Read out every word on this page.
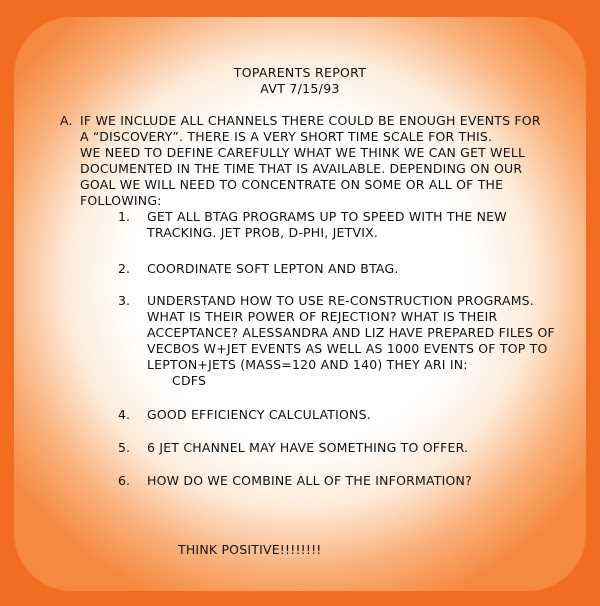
TOPARENTS REPORT
AVT 7/15/93
A. IF WE INCLUDE ALL CHANNELS THERE COULD BE ENOUGH EVENTS FOR
A “DISCOVERY”. THERE IS A VERY SHORT TIME SCALE FOR THIS.
WE NEED TO DEFINE CAREFULLY WHAT WE THINK WE CAN GET WELL
DOCUMENTED IN THE TIME THAT IS AVAILABLE. DEPENDING ON OUR
GOAL WE WILL NEED TO CONCENTRATE ON SOME OR ALL OF THE
FOLLOWING:
1. GET ALL BTAG PROGRAMS UP TO SPEED WITH THE NEW
TRACKING. JET PROB, D-PHI, JETVIX.
2. COORDINATE SOFT LEPTON AND BTAG.
3. UNDERSTAND HOW TO USE RE-CONSTRUCTION PROGRAMS.
WHAT IS THEIR POWER OF REJECTION? WHAT IS THEIR
ACCEPTANCE? ALESSANDRA AND LIZ HAVE PREPARED FILES OF
VECBOS W+JET EVENTS AS WELL AS 1000 EVENTS OF TOP TO
LEPTON+JETS (MASS=120 AND 140) THEY ARI IN:
CDFS
4. GOOD EFFICIENCY CALCULATIONS.
5. 6 JET CHANNEL MAY HAVE SOMETHING TO OFFER.
6. HOW DO WE COMBINE ALL OF THE INFORMATION?
THINK POSITIVE!!!!!!!!
